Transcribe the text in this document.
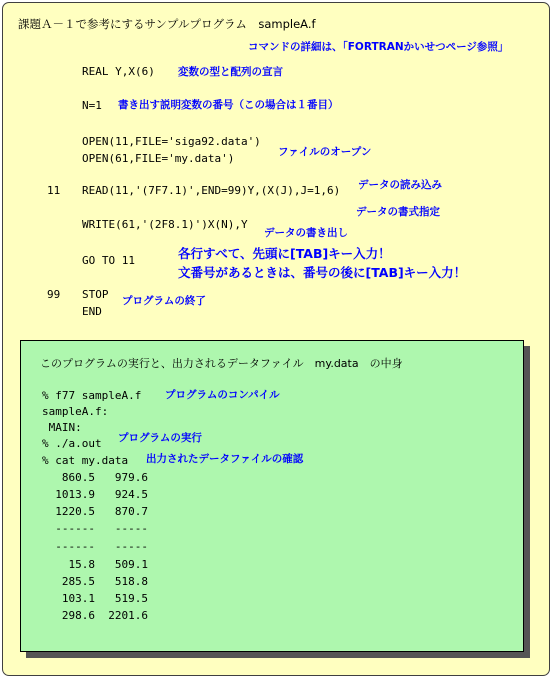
課題Ａ－１で参考にするサンプルプログラム　sampleA.f
コマンドの詳細は、「FORTRANかいせつページ参照」
REAL Y,X(6) 変数の型と配列の宣言
N=1 書き出す説明変数の番号（この場合は１番目）
OPEN(11,FILE='siga92.data')
OPEN(61,FILE='my.data')	ファイルのオープン
11 READ(11,'(7F7.1)',END=99)Y,(X(J),J=1,6) データの読み込み
データの書式指定
WRITE(61,'(2F8.1)')X(N),Y
データの書き出し
GO TO 11	各行すべて、先頭に[TAB]キー入力！
文番号があるときは、番号の後に[TAB]キー入力！
99 STOP プログラムの終了
END
このプログラムの実行と、出力されるデータファイル　my.data　の中身
% f77 sampleA.f プログラムのコンパイル
sampleA.f:
MAIN:
% ./a.out プログラムの実行
% cat my.data 出力されたデータファイルの確認
860.5   979.6
1013.9   924.5
1220.5   870.7
------   -----
------   -----
15.8   509.1
285.5   518.8
103.1   519.5
298.6  2201.6
